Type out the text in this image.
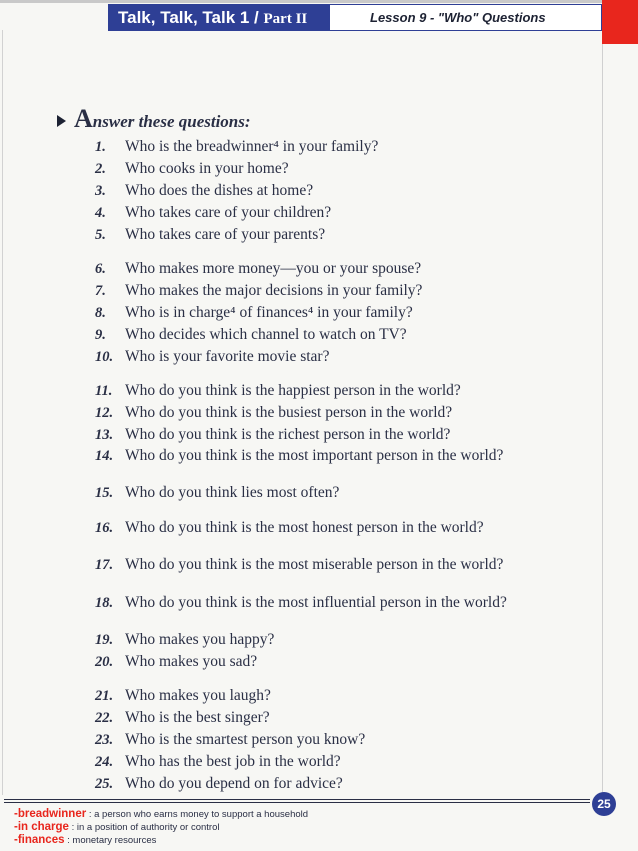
Talk, Talk, Talk 1 / Part II	Lesson 9 - "Who" Questions
Answer these questions:
1.	Who is the breadwinner⁴ in your family?
2.	Who cooks in your home?
3.	Who does the dishes at home?
4.	Who takes care of your children?
5.	Who takes care of your parents?
6.	Who makes more money—you or your spouse?
7.	Who makes the major decisions in your family?
8.	Who is in charge⁴ of finances⁴ in your family?
9.	Who decides which channel to watch on TV?
10. Who is your favorite movie star?
11. Who do you think is the happiest person in the world?
12. Who do you think is the busiest person in the world?
13. Who do you think is the richest person in the world?
14. Who do you think is the most important person in the world?
15. Who do you think lies most often?
16. Who do you think is the most honest person in the world?
17. Who do you think is the most miserable person in the world?
18. Who do you think is the most influential person in the world?
19. Who makes you happy?
20. Who makes you sad?
21. Who makes you laugh?
22. Who is the best singer?
23. Who is the smartest person you know?
24. Who has the best job in the world?
25. Who do you depend on for advice?
25
-breadwinner : a person who earns money to support a household
-in charge : in a position of authority or control
-finances : monetary resources
